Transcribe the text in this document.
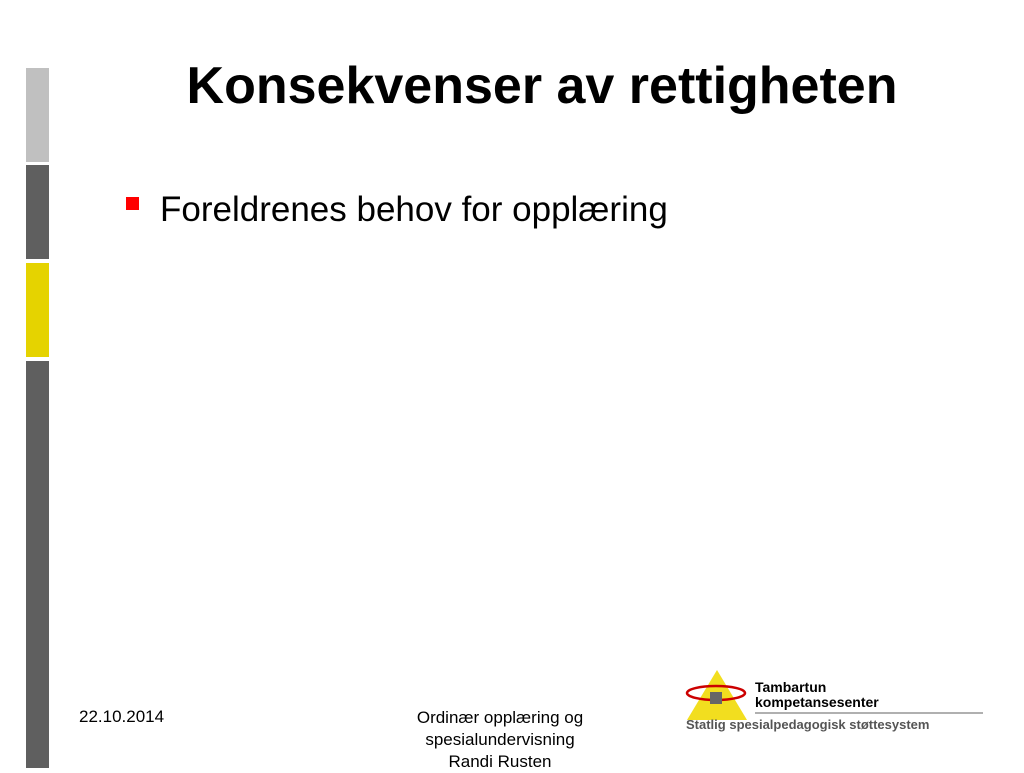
Konsekvenser av rettigheten
Foreldrenes behov for opplæring
22.10.2014	Ordinær opplæring og
spesialundervisning
Randi Rusten
Tambartun
kompetansesenter
Statlig spesialpedagogisk støttesystem
